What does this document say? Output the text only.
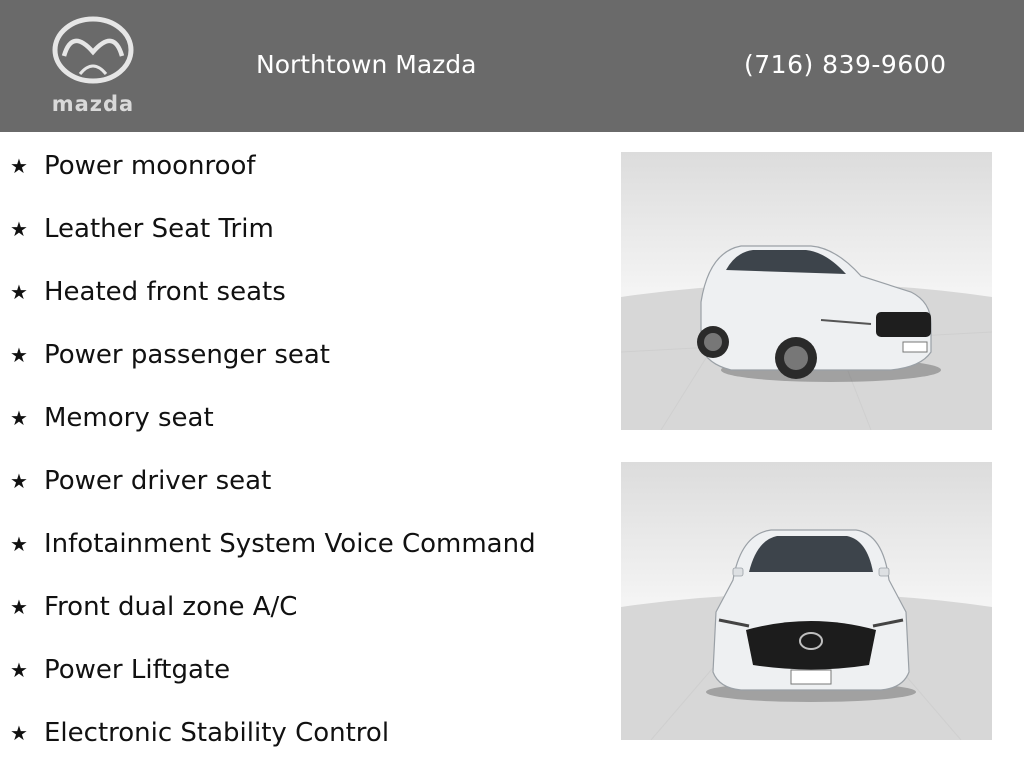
mazda
Northtown Mazda	(716) 839-9600
★ Power moonroof
★ Leather Seat Trim
★ Heated front seats
★ Power passenger seat
★ Memory seat
★ Power driver seat
★ Infotainment System Voice Command
★ Front dual zone A/C
★ Power Liftgate
★ Electronic Stability Control
